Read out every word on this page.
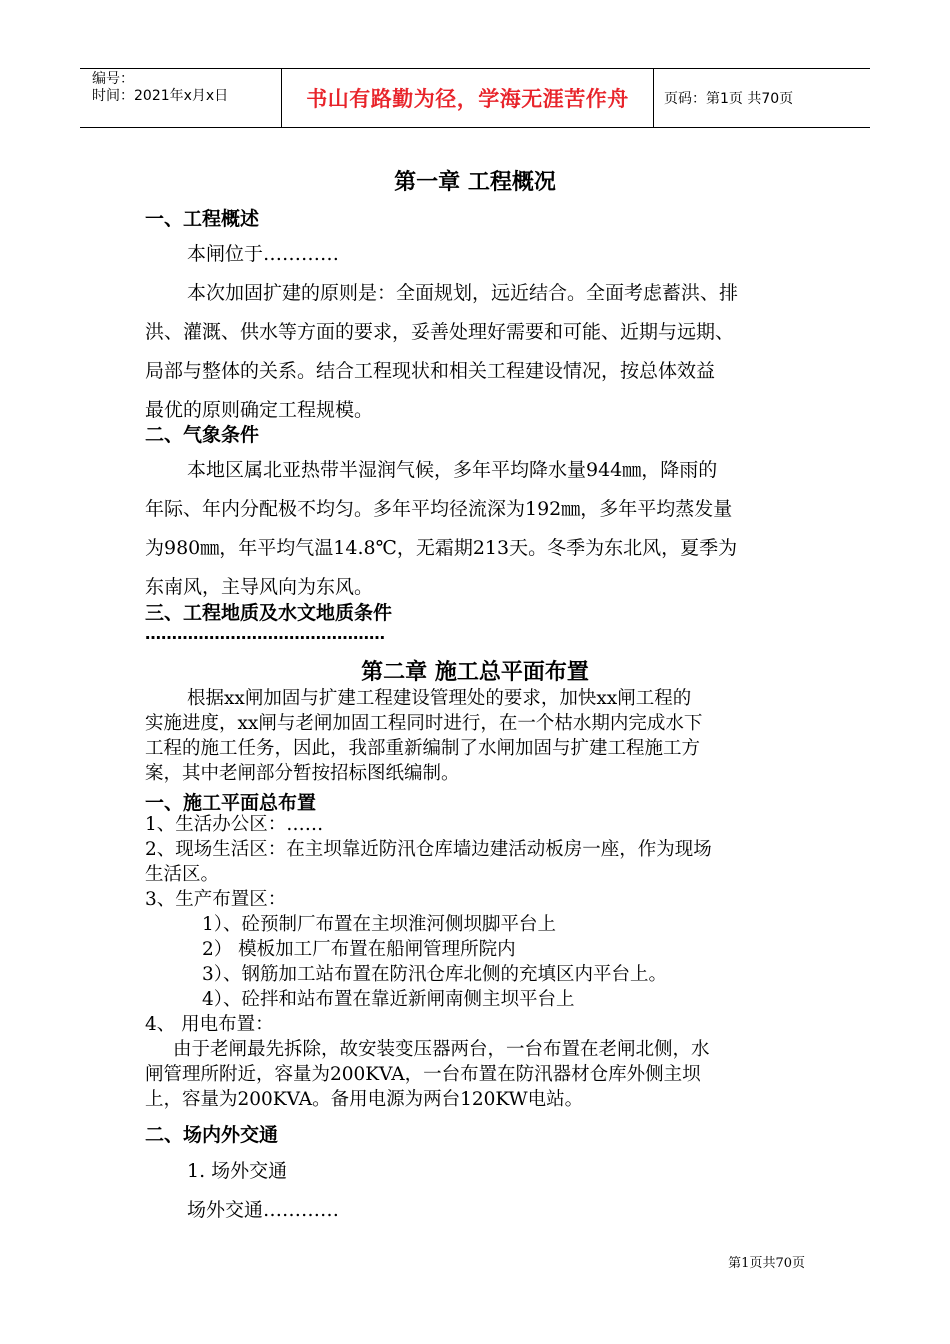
编号：
时间：2021年x月x日	书山有路勤为径，学海无涯苦作舟	页码：第1页 共70页
第一章 工程概况
一、工程概述
本闸位于…………
本次加固扩建的原则是：全面规划，远近结合。全面考虑蓄洪、排
洪、灌溉、供水等方面的要求，妥善处理好需要和可能、近期与远期、
局部与整体的关系。结合工程现状和相关工程建设情况，按总体效益
最优的原则确定工程规模。
二、气象条件
本地区属北亚热带半湿润气候，多年平均降水量944㎜，降雨的
年际、年内分配极不均匀。多年平均径流深为192㎜，多年平均蒸发量
为980㎜，年平均气温14.8℃，无霜期213天。冬季为东北风，夏季为
东南风，主导风向为东风。
三、工程地质及水文地质条件
………………………………………
第二章 施工总平面布置
根据xx闸加固与扩建工程建设管理处的要求，加快xx闸工程的
实施进度，xx闸与老闸加固工程同时进行，在一个枯水期内完成水下
工程的施工任务，因此，我部重新编制了水闸加固与扩建工程施工方
案，其中老闸部分暂按招标图纸编制。
一、施工平面总布置
1、生活办公区：……
2、现场生活区：在主坝靠近防汛仓库墙边建活动板房一座，作为现场
生活区。
3、生产布置区：
1）、砼预制厂布置在主坝淮河侧坝脚平台上
2） 模板加工厂布置在船闸管理所院内
3）、钢筋加工站布置在防汛仓库北侧的充填区内平台上。
4）、砼拌和站布置在靠近新闸南侧主坝平台上
4、 用电布置：
由于老闸最先拆除，故安装变压器两台，一台布置在老闸北侧，水
闸管理所附近，容量为200KVA，一台布置在防汛器材仓库外侧主坝
上，容量为200KVA。备用电源为两台120KW电站。
二、场内外交通
1. 场外交通
场外交通…………
第1页共70页
